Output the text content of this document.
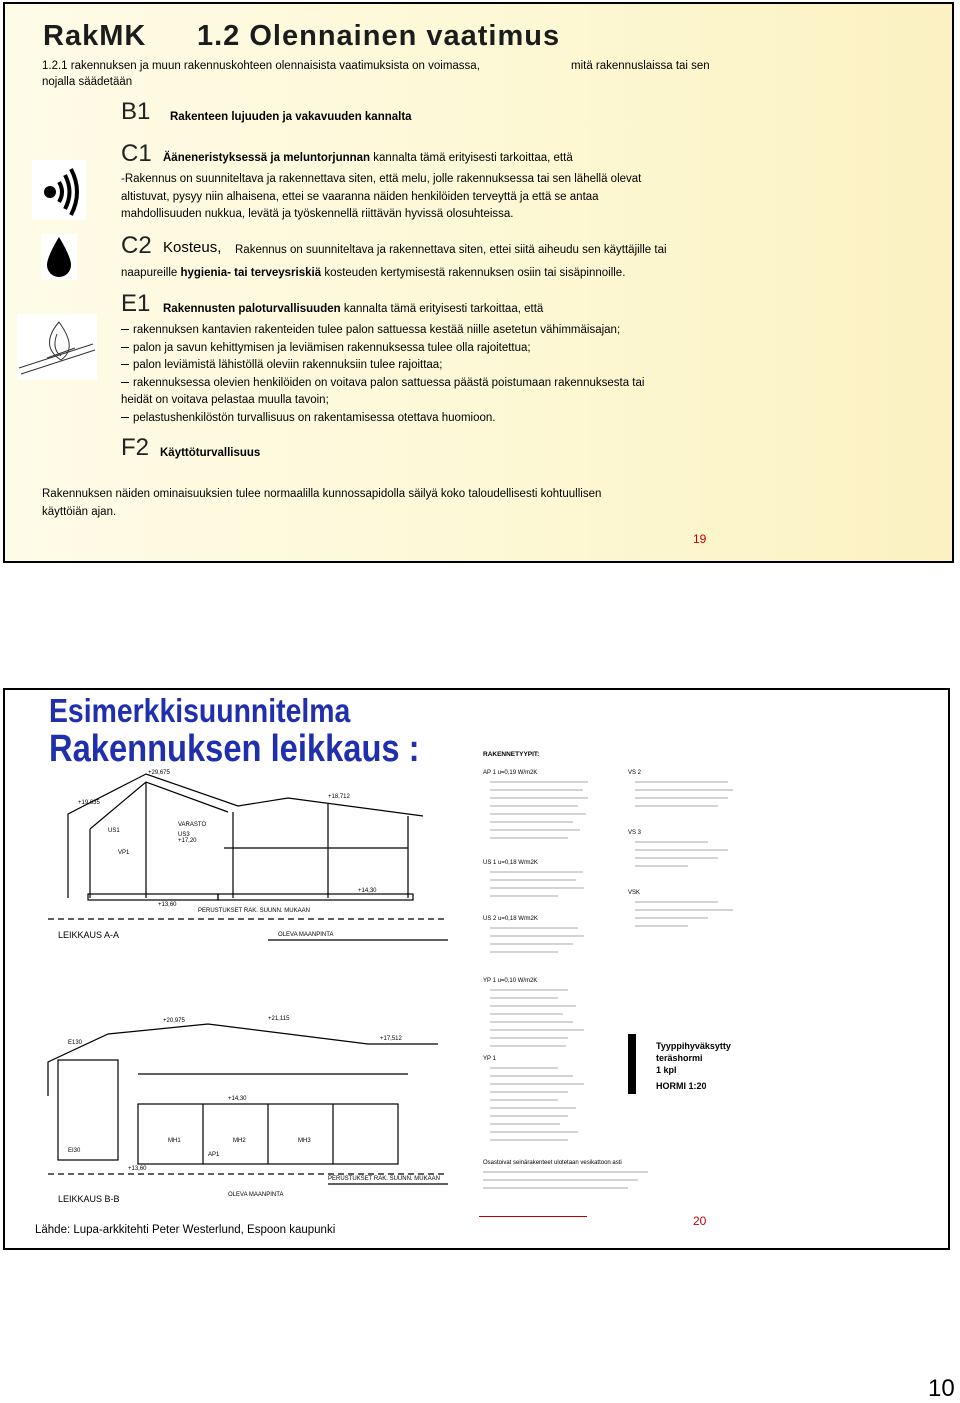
RakMK 1.2 Olennainen vaatimus
1.2.1 rakennuksen ja muun rakennuskohteen olennaisista vaatimuksista on voimassa,	mitä rakennuslaissa tai sen
nojalla säädetään
B1 Rakenteen lujuuden ja vakavuuden kannalta
C1 Ääneneristyksessä ja meluntorjunnan kannalta tämä erityisesti tarkoittaa, että
-Rakennus on suunniteltava ja rakennettava siten, että melu, jolle rakennuksessa tai sen lähellä olevat
altistuvat, pysyy niin alhaisena, ettei se vaaranna näiden henkilöiden terveyttä ja että se antaa
mahdollisuuden nukkua, levätä ja työskennellä riittävän hyvissä olosuhteissa.
C2 Kosteus, Rakennus on suunniteltava ja rakennettava siten, ettei siitä aiheudu sen käyttäjille tai
naapureille hygienia- tai terveysriskiä kosteuden kertymisestä rakennuksen osiin tai sisäpinnoille.
E1 Rakennusten paloturvallisuuden kannalta tämä erityisesti tarkoittaa, että
rakennuksen kantavien rakenteiden tulee palon sattuessa kestää niille asetetun vähimmäisajan;
palon ja savun kehittymisen ja leviämisen rakennuksessa tulee olla rajoitettua;
palon leviämistä lähistöllä oleviin rakennuksiin tulee rajoittaa;
rakennuksessa olevien henkilöiden on voitava palon sattuessa päästä poistumaan rakennuksesta tai
heidät on voitava pelastaa muulla tavoin;
pelastushenkilöstön turvallisuus on rakentamisessa otettava huomioon.
F2 Käyttöturvallisuus
Rakennuksen näiden ominaisuuksien tulee normaalilla kunnossapidolla säilyä koko taloudellisesti kohtuullisen
käyttöiän ajan.
19
Esimerkkisuunnitelma
Rakennuksen leikkaus :
LEIKKAUS A-A
LEIKKAUS B-B
OLEVA MAANPINTA
OLEVA MAANPINTA
PERUSTUKSET RAK. SUUNN. MUKAAN
PERUSTUKSET RAK. SUUNN. MUKAAN
+29,675
+19,635
+18,712
+17,20
+14,30
+13,60
VP1
VARASTO
US3
US1
+20,975	+21,115
+17,512
+14,30
+13,60
MH1	MH2	MH3
AP1
E130
EI30
RAKENNETYYPIT:
AP 1 u=0,19 W/m2K
US 1 u=0,18 W/m2K
US 2 u=0,18 W/m2K
YP 1 u=0,10 W/m2K
YP 1
VS 2
VS 3
VSK
Tyyppihyväksytty
teräshormi
1 kpl
HORMI 1:20
Osastoivat seinärakenteet ulotetaan vesikattoon asti
Lähde: Lupa-arkkitehti Peter Westerlund, Espoon kaupunki
20
10
